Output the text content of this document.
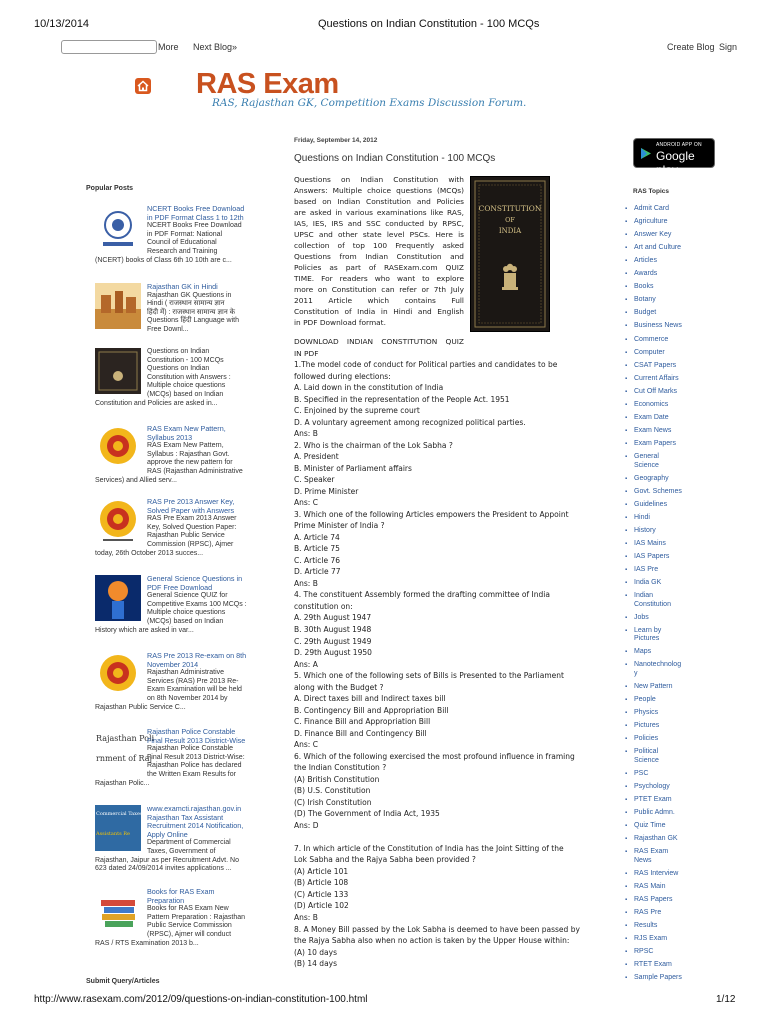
10/13/2014	Questions on Indian Constitution - 100 MCQs
More Next Blog»	Create Blog Sign
RAS Exam
RAS, Rajasthan GK, Competition Exams Discussion Forum.
Popular Posts
NCERT Books Free Download
in PDF Format Class 1 to 12th
NCERT Books Free Download
in PDF Format: National
Council of Educational
Research and Training
(NCERT) books of Class 6th 10 10th are c...
Rajasthan GK in Hindi
Rajasthan GK Questions in
Hindi ( राजस्थान सामान्य ज्ञान
हिंदी में) : राजस्थान सामान्य ज्ञान के
Questions हिंदी Language with
Free Downl...
Questions on Indian
Constitution - 100 MCQs
Questions on Indian
Constitution with Answers :
Multiple choice questions
(MCQs) based on Indian
Constitution and Policies are asked in...
RAS Exam New Pattern,
Syllabus 2013
RAS Exam New Pattern,
Syllabus : Rajasthan Govt.
approve the new pattern for
RAS (Rajasthan Administrative
Services) and Allied serv...
RAS Pre 2013 Answer Key,
Solved Paper with Answers
RAS Pre Exam 2013 Answer
Key, Solved Question Paper:
Rajasthan Public Service
Commission (RPSC), Ajmer
today, 26th October 2013 succes...
General Science Questions in
PDF Free Download
General Science QUIZ for
Competitive Exams 100 MCQs :
Multiple choice questions
(MCQs) based on Indian
History which are asked in var...
RAS Pre 2013 Re-exam on 8th
November 2014
Rajasthan Administrative
Services (RAS) Pre 2013 Re-
Exam Examination will be held
on 8th November 2014 by
Rajasthan Public Service C...
Rajasthan Poli
rnment of Raj
Rajasthan Police Constable
Final Result 2013 District-Wise
Rajasthan Police Constable
Final Result 2013 District-Wise:
Rajasthan Police has declared
the Written Exam Results for
Rajasthan Polic...
Commercial Taxes, Gove
Assistants Re
www.examcti.rajasthan.gov.in
Rajasthan Tax Assistant
Recruitment 2014 Notification,
Apply Online
Department of Commercial
Taxes, Government of
Rajasthan, Jaipur as per Recruitment Advt. No
623 dated 24/09/2014 invites applications ...
Books for RAS Exam
Preparation
Books for RAS Exam New
Pattern Preparation : Rajasthan
Public Service Commission
(RPSC), Ajmer will conduct
RAS / RTS Examination 2013 b...
Submit Query/Articles
Friday, September 14, 2012
Questions on Indian Constitution - 100 MCQs
Questions on Indian Constitution with
Answers: Multiple choice questions (MCQs)
based on Indian Constitution and Policies
are asked in various examinations like RAS,
IAS, IES, IRS and SSC conducted by RPSC,
UPSC and other state level PSCs. Here is
collection of top 100 Frequently asked
Questions from Indian Constitution and
Policies as part of RASExam.com QUIZ
TIME. For readers who want to explore
more on Constitution can refer or 7th July
2011 Article which contains Full
Constitution of India in Hindi and English
in PDF Download format.
CONSTITUTION
OF
INDIA
DOWNLOAD INDIAN CONSTITUTION QUIZ
IN PDF
1.The model code of conduct for Political parties and candidates to be
followed during elections:
A. Laid down in the constitution of India
B. Specified in the representation of the People Act. 1951
C. Enjoined by the supreme court
D. A voluntary agreement among recognized political parties.
Ans: B
2. Who is the chairman of the Lok Sabha ?
A. President
B. Minister of Parliament affairs
C. Speaker
D. Prime Minister
Ans: C
3. Which one of the following Articles empowers the President to Appoint
Prime Minister of India ?
A. Article 74
B. Article 75
C. Article 76
D. Article 77
Ans: B
4. The constituent Assembly formed the drafting committee of India
constitution on:
A. 29th August 1947
B. 30th August 1948
C. 29th August 1949
D. 29th August 1950
Ans: A
5. Which one of the following sets of Bills is Presented to the Parliament
along with the Budget ?
A. Direct taxes bill and Indirect taxes bill
B. Contingency Bill and Appropriation Bill
C. Finance Bill and Appropriation Bill
D. Finance Bill and Contingency Bill
Ans: C
6. Which of the following exercised the most profound influence in framing
the Indian Constitution ?
(A) British Constitution
(B) U.S. Constitution
(C) Irish Constitution
(D) The Government of India Act, 1935
Ans: D
7. In which article of the Constitution of India has the Joint Sitting of the
Lok Sabha and the Rajya Sabha been provided ?
(A) Article 101
(B) Article 108
(C) Article 133
(D) Article 102
Ans: B
8. A Money Bill passed by the Lok Sabha is deemed to have been passed by
the Rajya Sabha also when no action is taken by the Upper House within:
(A) 10 days
(B) 14 days
ANDROID APP ON
Google play
RAS Topics
▪ Admit Card
▪ Agriculture
▪ Answer Key
▪ Art and Culture
▪ Articles
▪ Awards
▪ Books
▪ Botany
▪ Budget
▪ Business News
▪ Commerce
▪ Computer
▪ CSAT Papers
▪ Current Affairs
▪ Cut Off Marks
▪ Economics
▪ Exam Date
▪ Exam News
▪ Exam Papers
▪ General
Science
▪ Geography
▪ Govt. Schemes
▪ Guidelines
▪ Hindi
▪ History
▪ IAS Mains
▪ IAS Papers
▪ IAS Pre
▪ India GK
▪ Indian
Constitution
▪ Jobs
▪ Learn by
Pictures
▪ Maps
▪ Nanotechnolog
y
▪ New Pattern
▪ People
▪ Physics
▪ Pictures
▪ Policies
▪ Political
Science
▪ PSC
▪ Psychology
▪ PTET Exam
▪ Public Admn.
▪ Quiz Time
▪ Rajasthan GK
▪ RAS Exam
News
▪ RAS Interview
▪ RAS Main
▪ RAS Papers
▪ RAS Pre
▪ Results
▪ RJS Exam
▪ RPSC
▪ RTET Exam
▪ Sample Papers
http://www.rasexam.com/2012/09/questions-on-indian-constitution-100.html	1/12
